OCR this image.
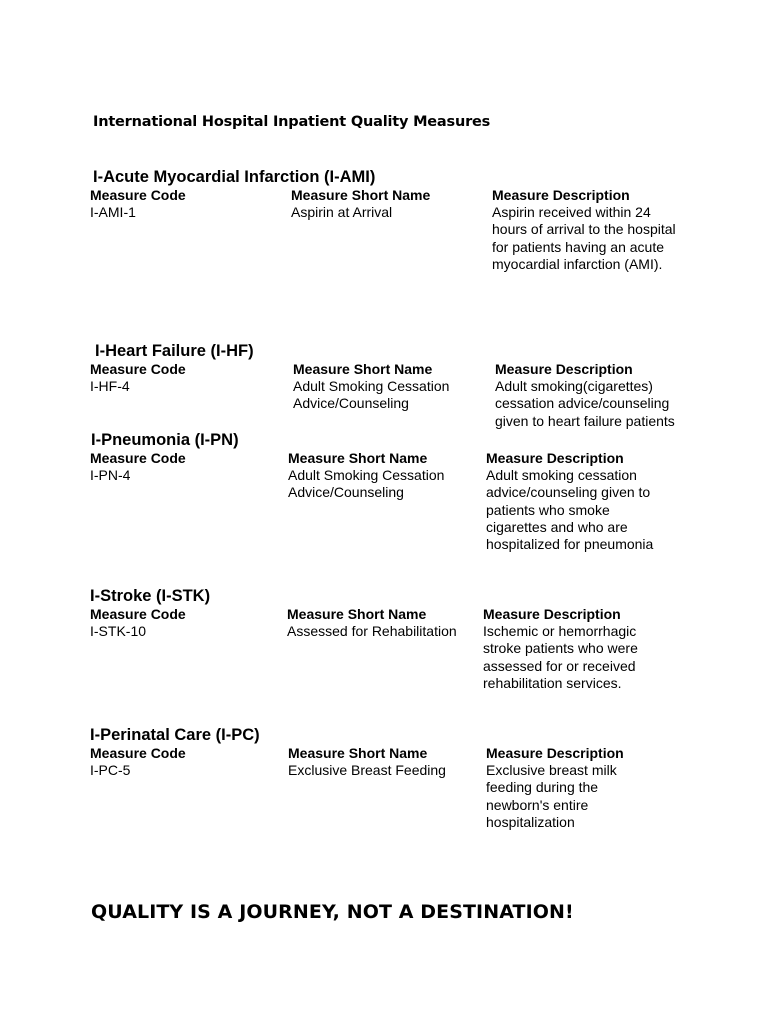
International Hospital Inpatient Quality Measures
I-Acute Myocardial Infarction (I-AMI)
Measure Code
I-AMI-1
Measure Short Name
Aspirin at Arrival
Measure Description
Aspirin received within 24 hours of arrival to the hospital for patients having an acute myocardial infarction (AMI).
I-Heart Failure (I-HF)
Measure Code
I-HF-4
Measure Short Name
Adult Smoking Cessation Advice/Counseling
Measure Description
Adult smoking(cigarettes) cessation advice/counseling given to heart failure patients
I-Pneumonia (I-PN)
Measure Code
I-PN-4
Measure Short Name
Adult Smoking Cessation Advice/Counseling
Measure Description
Adult smoking cessation advice/counseling given to patients who smoke cigarettes and who are hospitalized for pneumonia
I-Stroke (I-STK)
Measure Code
I-STK-10
Measure Short Name
Assessed for Rehabilitation
Measure Description
Ischemic or hemorrhagic stroke patients who were assessed for or received rehabilitation services.
I-Perinatal Care (I-PC)
Measure Code
I-PC-5
Measure Short Name
Exclusive Breast Feeding
Measure Description
Exclusive breast milk feeding during the newborn's entire hospitalization
QUALITY IS A JOURNEY, NOT A DESTINATION!
